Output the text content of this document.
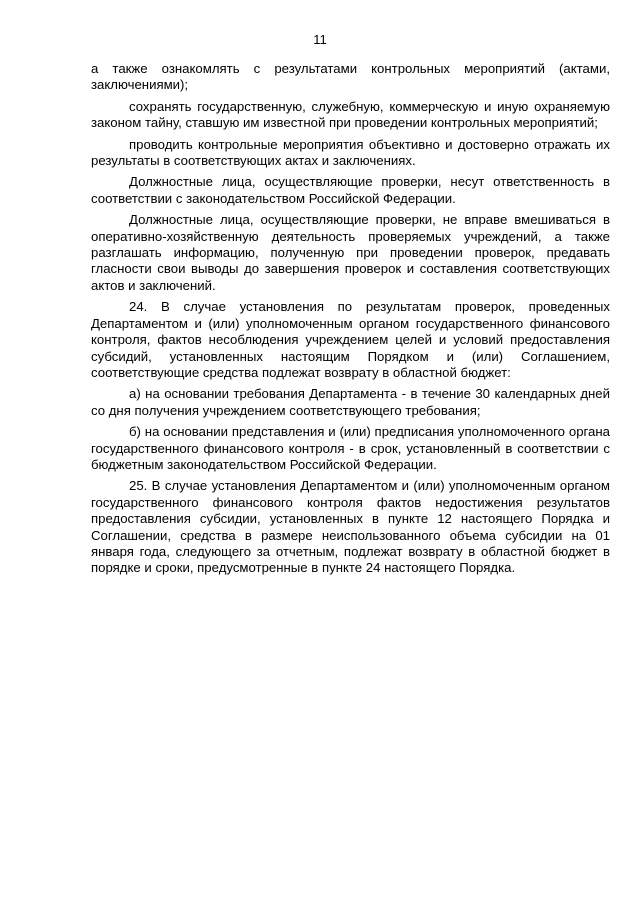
11

а также ознакомлять с результатами контрольных мероприятий (актами, заключениями);

сохранять государственную, служебную, коммерческую и иную охраняемую законом тайну, ставшую им известной при проведении контрольных мероприятий;

проводить контрольные мероприятия объективно и достоверно отражать их результаты в соответствующих актах и заключениях.

Должностные лица, осуществляющие проверки, несут ответственность в соответствии с законодательством Российской Федерации.

Должностные лица, осуществляющие проверки, не вправе вмешиваться в оперативно-хозяйственную деятельность проверяемых учреждений, а также разглашать информацию, полученную при проведении проверок, предавать гласности свои выводы до завершения проверок и составления соответствующих актов и заключений.

24. В случае установления по результатам проверок, проведенных Департаментом и (или) уполномоченным органом государственного финансового контроля, фактов несоблюдения учреждением целей и условий предоставления субсидий, установленных настоящим Порядком и (или) Соглашением, соответствующие средства подлежат возврату в областной бюджет:

а) на основании требования Департамента - в течение 30 календарных дней со дня получения учреждением соответствующего требования;

б) на основании представления и (или) предписания уполномоченного органа государственного финансового контроля - в срок, установленный в соответствии с бюджетным законодательством Российской Федерации.

25. В случае установления Департаментом и (или) уполномоченным органом государственного финансового контроля фактов недостижения результатов предоставления субсидии, установленных в пункте 12 настоящего Порядка и Соглашении, средства в размере неиспользованного объема субсидии на 01 января года, следующего за отчетным, подлежат возврату в областной бюджет в порядке и сроки, предусмотренные в пункте 24 настоящего Порядка.
